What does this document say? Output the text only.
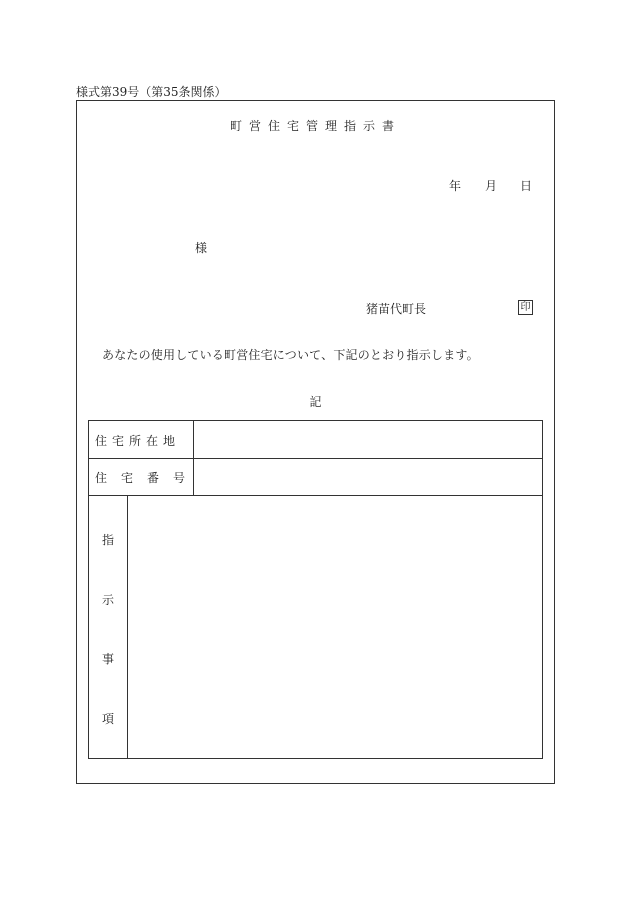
様式第39号（第35条関係）
町営住宅管理指示書
年 月 日
様
猪苗代町長	印
あなたの使用している町営住宅について、下記のとおり指示します。
記
住宅所在地
住宅番号
指
示
事
項
